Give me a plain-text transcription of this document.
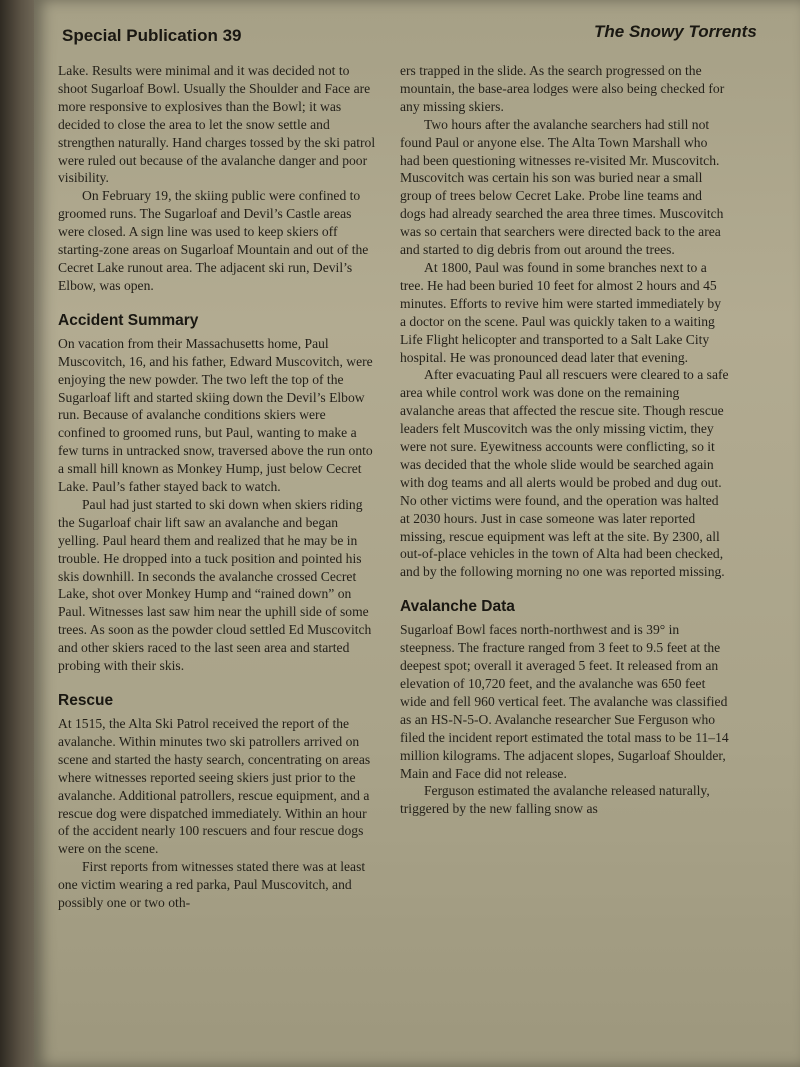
Special Publication 39	The Snowy Torrents

Lake. Results were minimal and it was decided not to shoot Sugarloaf Bowl. Usually the Shoulder and Face are more responsive to explosives than the Bowl; it was decided to close the area to let the snow settle and strengthen naturally. Hand charges tossed by the ski patrol were ruled out because of the avalanche danger and poor visibility.

On February 19, the skiing public were confined to groomed runs. The Sugarloaf and Devil’s Castle areas were closed. A sign line was used to keep skiers off starting-zone areas on Sugarloaf Mountain and out of the Cecret Lake runout area. The adjacent ski run, Devil’s Elbow, was open.

Accident Summary

On vacation from their Massachusetts home, Paul Muscovitch, 16, and his father, Edward Muscovitch, were enjoying the new powder. The two left the top of the Sugarloaf lift and started skiing down the Devil’s Elbow run. Because of avalanche conditions skiers were confined to groomed runs, but Paul, wanting to make a few turns in untracked snow, traversed above the run onto a small hill known as Monkey Hump, just below Cecret Lake. Paul’s father stayed back to watch.

Paul had just started to ski down when skiers riding the Sugarloaf chair lift saw an avalanche and began yelling. Paul heard them and realized that he may be in trouble. He dropped into a tuck position and pointed his skis downhill. In seconds the avalanche crossed Cecret Lake, shot over Monkey Hump and “rained down” on Paul. Witnesses last saw him near the uphill side of some trees. As soon as the powder cloud settled Ed Muscovitch and other skiers raced to the last seen area and started probing with their skis.

Rescue

At 1515, the Alta Ski Patrol received the report of the avalanche. Within minutes two ski patrollers arrived on scene and started the hasty search, concentrating on areas where witnesses reported seeing skiers just prior to the avalanche. Additional patrollers, rescue equipment, and a rescue dog were dispatched immediately. Within an hour of the accident nearly 100 rescuers and four rescue dogs were on the scene.

First reports from witnesses stated there was at least one victim wearing a red parka, Paul Muscovitch, and possibly one or two oth-

ers trapped in the slide. As the search progressed on the mountain, the base-area lodges were also being checked for any missing skiers.

Two hours after the avalanche searchers had still not found Paul or anyone else. The Alta Town Marshall who had been questioning witnesses re-visited Mr. Muscovitch. Muscovitch was certain his son was buried near a small group of trees below Cecret Lake. Probe line teams and dogs had already searched the area three times. Muscovitch was so certain that searchers were directed back to the area and started to dig debris from out around the trees.

At 1800, Paul was found in some branches next to a tree. He had been buried 10 feet for almost 2 hours and 45 minutes. Efforts to revive him were started immediately by a doctor on the scene. Paul was quickly taken to a waiting Life Flight helicopter and transported to a Salt Lake City hospital. He was pronounced dead later that evening.

After evacuating Paul all rescuers were cleared to a safe area while control work was done on the remaining avalanche areas that affected the rescue site. Though rescue leaders felt Muscovitch was the only missing victim, they were not sure. Eyewitness accounts were conflicting, so it was decided that the whole slide would be searched again with dog teams and all alerts would be probed and dug out. No other victims were found, and the operation was halted at 2030 hours. Just in case someone was later reported missing, rescue equipment was left at the site. By 2300, all out-of-place vehicles in the town of Alta had been checked, and by the following morning no one was reported missing.

Avalanche Data

Sugarloaf Bowl faces north-northwest and is 39° in steepness. The fracture ranged from 3 feet to 9.5 feet at the deepest spot; overall it averaged 5 feet. It released from an elevation of 10,720 feet, and the avalanche was 650 feet wide and fell 960 vertical feet. The avalanche was classified as an HS-N-5-O. Avalanche researcher Sue Ferguson who filed the incident report estimated the total mass to be 11–14 million kilograms. The adjacent slopes, Sugarloaf Shoulder, Main and Face did not release.

Ferguson estimated the avalanche released naturally, triggered by the new falling snow as
